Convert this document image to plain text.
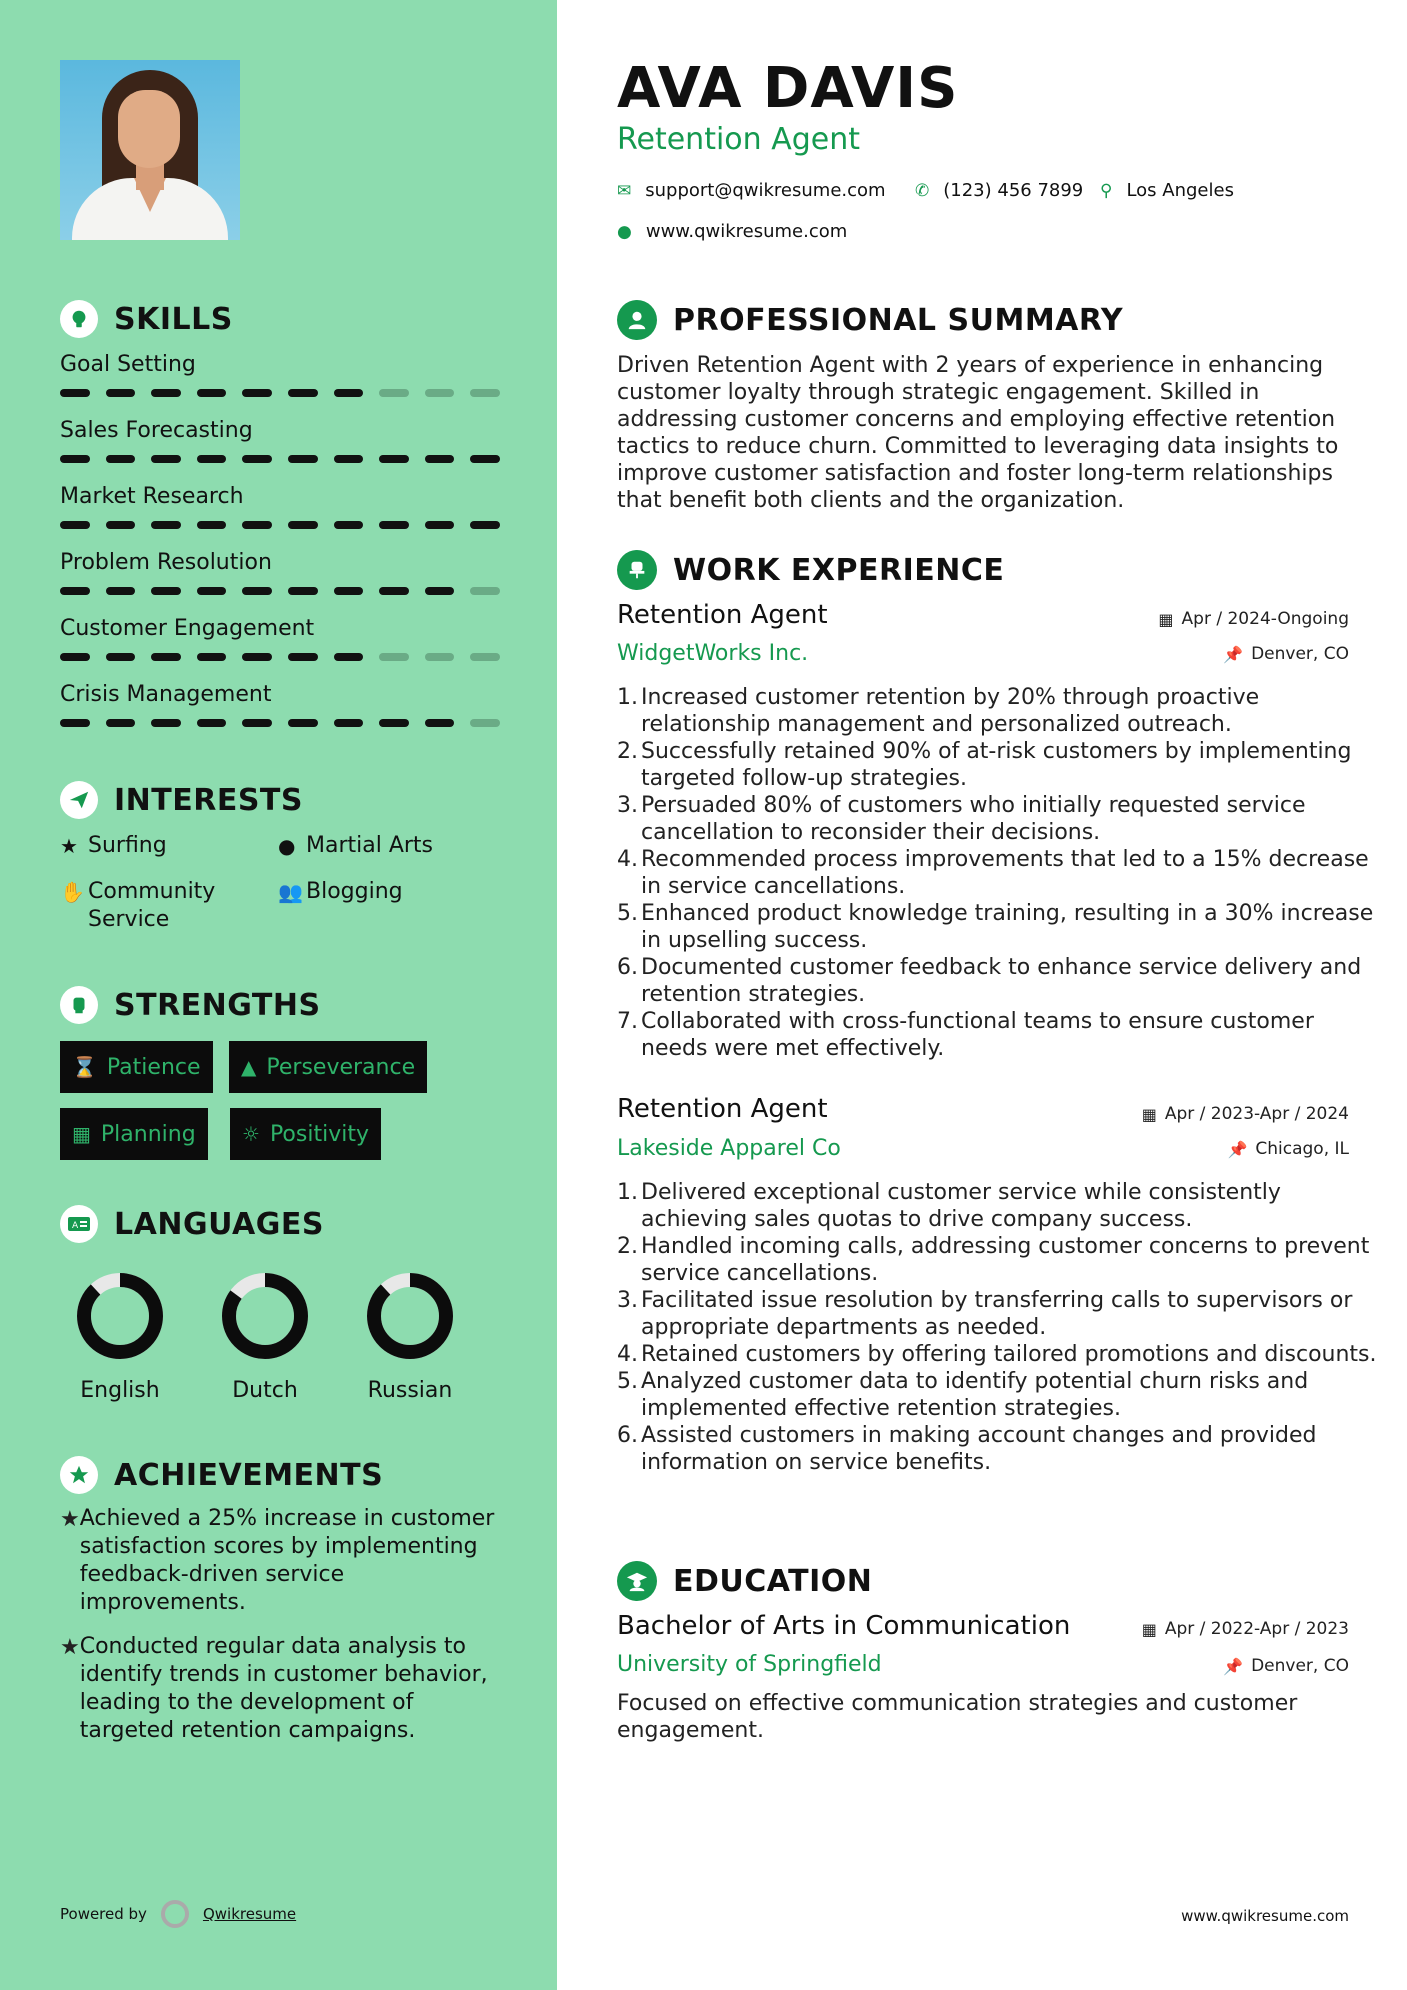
SKILLS
Goal Setting
Sales Forecasting
Market Research
Problem Resolution
Customer Engagement
Crisis Management
INTERESTS
★ Surfing	● Martial Arts
✋ Community
Service
👥 Blogging
STRENGTHS
⌛ Patience ▲ Perseverance
▦ Planning ☼ Positivity
A LANGUAGES
English	Dutch	Russian
ACHIEVEMENTS
★ Achieved a 25% increase in customer satisfaction scores by implementing feedback-driven service improvements.
★ Conducted regular data analysis to identify trends in customer behavior, leading to the development of targeted retention campaigns.
Powered by	Qwikresume
AVA DAVIS
Retention Agent
✉ support@qwikresume.com ✆ (123) 456 7899 ⚲ Los Angeles
● www.qwikresume.com
PROFESSIONAL SUMMARY
Driven Retention Agent with 2 years of experience in enhancing customer loyalty through strategic engagement. Skilled in addressing customer concerns and employing effective retention tactics to reduce churn. Committed to leveraging data insights to improve customer satisfaction and foster long-term relationships that benefit both clients and the organization.
WORK EXPERIENCE
Retention Agent	▦ Apr / 2024-Ongoing
WidgetWorks Inc.	📌 Denver, CO
1. Increased customer retention by 20% through proactive relationship management and personalized outreach.
2. Successfully retained 90% of at-risk customers by implementing targeted follow-up strategies.
3. Persuaded 80% of customers who initially requested service cancellation to reconsider their decisions.
4. Recommended process improvements that led to a 15% decrease in service cancellations.
5. Enhanced product knowledge training, resulting in a 30% increase in upselling success.
6. Documented customer feedback to enhance service delivery and retention strategies.
7. Collaborated with cross-functional teams to ensure customer needs were met effectively.
Retention Agent	▦ Apr / 2023-Apr / 2024
Lakeside Apparel Co	📌 Chicago, IL
1. Delivered exceptional customer service while consistently achieving sales quotas to drive company success.
2. Handled incoming calls, addressing customer concerns to prevent service cancellations.
3. Facilitated issue resolution by transferring calls to supervisors or appropriate departments as needed.
4. Retained customers by offering tailored promotions and discounts.
5. Analyzed customer data to identify potential churn risks and implemented effective retention strategies.
6. Assisted customers in making account changes and provided information on service benefits.
EDUCATION
Bachelor of Arts in Communication	▦ Apr / 2022-Apr / 2023
University of Springfield	📌 Denver, CO
Focused on effective communication strategies and customer engagement.
www.qwikresume.com
